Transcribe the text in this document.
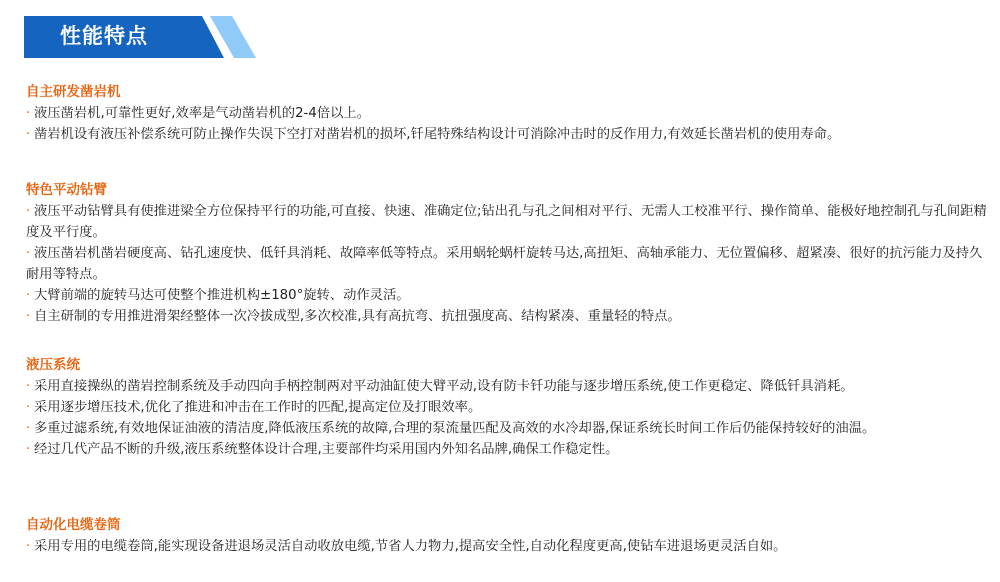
性能特点
自主研发凿岩机
· 液压凿岩机,可靠性更好,效率是气动凿岩机的2-4倍以上。
· 凿岩机设有液压补偿系统可防止操作失误下空打对凿岩机的损坏,钎尾特殊结构设计可消除冲击时的反作用力,有效延长凿岩机的使用寿命。
特色平动钻臂
· 液压平动钻臂具有使推进梁全方位保持平行的功能,可直接、快速、准确定位;钻出孔与孔之间相对平行、无需人工校准平行、操作简单、能极好地控制孔与孔间距精度及平行度。
· 液压凿岩机凿岩硬度高、钻孔速度快、低钎具消耗、故障率低等特点。采用蜗轮蜗杆旋转马达,高扭矩、高轴承能力、无位置偏移、超紧凑、很好的抗污能力及持久耐用等特点。
· 大臂前端的旋转马达可使整个推进机构±180°旋转、动作灵活。
· 自主研制的专用推进滑架经整体一次冷拔成型,多次校准,具有高抗弯、抗扭强度高、结构紧凑、重量轻的特点。
液压系统
· 采用直接操纵的凿岩控制系统及手动四向手柄控制两对平动油缸使大臂平动,设有防卡钎功能与逐步增压系统,使工作更稳定、降低钎具消耗。
· 采用逐步增压技术,优化了推进和冲击在工作时的匹配,提高定位及打眼效率。
· 多重过滤系统,有效地保证油液的清洁度,降低液压系统的故障,合理的泵流量匹配及高效的水冷却器,保证系统长时间工作后仍能保持较好的油温。
· 经过几代产品不断的升级,液压系统整体设计合理,主要部件均采用国内外知名品牌,确保工作稳定性。
自动化电缆卷筒
· 采用专用的电缆卷筒,能实现设备进退场灵活自动收放电缆,节省人力物力,提高安全性,自动化程度更高,使钻车进退场更灵活自如。
